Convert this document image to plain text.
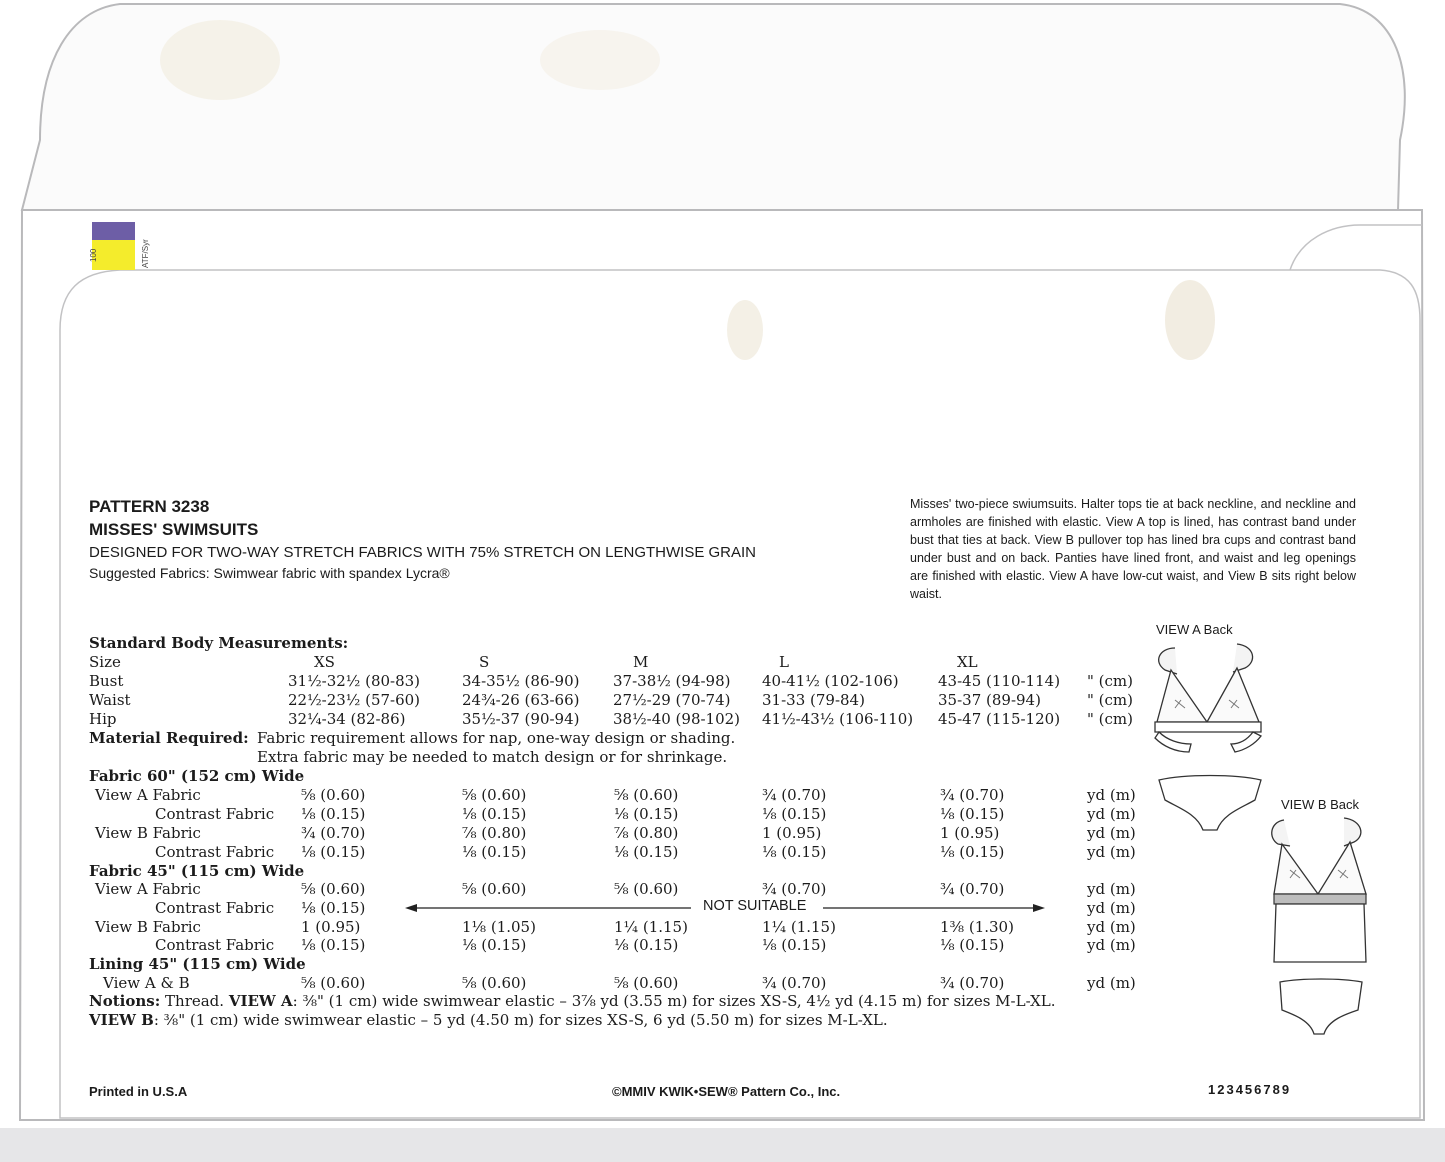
100	ATF/Syr
PATTERN 3238
MISSES' SWIMSUITS
DESIGNED FOR TWO-WAY STRETCH FABRICS WITH 75% STRETCH ON LENGTHWISE GRAIN
Suggested Fabrics: Swimwear fabric with spandex Lycra®
Misses' two-piece swiumsuits. Halter tops tie at back neckline, and neckline and armholes are finished with elastic. View A top is lined, has contrast band under bust that ties at back. View B pullover top has lined bra cups and contrast band under bust and on back. Panties have lined front, and waist and leg openings are finished with elastic. View A have low-cut waist, and View B sits right below waist.
Standard Body Measurements:
Size	XS	S	M	L	XL
Bust	31½-32½ (80-83)	34-35½ (86-90) 37-38½ (94-98) 40-41½ (102-106)	43-45 (110-114) " (cm)
Waist	22½-23½ (57-60)	24¾-26 (63-66) 27½-29 (70-74) 31-33 (79-84)	35-37 (89-94)	" (cm)
Hip	32¼-34 (82-86)	35½-37 (90-94) 38½-40 (98-102) 41½-43½ (106-110) 45-47 (115-120) " (cm)
Material Required: Fabric requirement allows for nap, one-way design or shading.
Extra fabric may be needed to match design or for shrinkage.
Fabric 60" (152 cm) Wide
View A Fabric	⅝ (0.60)	⅝ (0.60)	⅝ (0.60)	¾ (0.70)	¾ (0.70)	yd (m)
Contrast Fabric ⅛ (0.15)	⅛ (0.15)	⅛ (0.15)	⅛ (0.15)	⅛ (0.15)	yd (m)
View B Fabric	¾ (0.70)	⅞ (0.80)	⅞ (0.80)	1 (0.95)	1 (0.95)	yd (m)
Contrast Fabric ⅛ (0.15)	⅛ (0.15)	⅛ (0.15)	⅛ (0.15)	⅛ (0.15)	yd (m)
Fabric 45" (115 cm) Wide
View A Fabric	⅝ (0.60)	⅝ (0.60)	⅝ (0.60)	¾ (0.70)	¾ (0.70)	yd (m)
Contrast Fabric ⅛ (0.15)	NOT SUITABLE	yd (m)
View B Fabric	1 (0.95)	1⅛ (1.05)	1¼ (1.15)	1¼ (1.15)	1⅜ (1.30)	yd (m)
Contrast Fabric ⅛ (0.15)	⅛ (0.15)	⅛ (0.15)	⅛ (0.15)	⅛ (0.15)	yd (m)
Lining 45" (115 cm) Wide
View A & B	⅝ (0.60)	⅝ (0.60)	⅝ (0.60)	¾ (0.70)	¾ (0.70)	yd (m)
Notions: Thread. VIEW A: ⅜" (1 cm) wide swimwear elastic – 3⅞ yd (3.55 m) for sizes XS-S, 4½ yd (4.15 m) for sizes M-L-XL.
VIEW B: ⅜" (1 cm) wide swimwear elastic – 5 yd (4.50 m) for sizes XS-S, 6 yd (5.50 m) for sizes M-L-XL.
VIEW A Back
VIEW B Back
Printed in U.S.A	©MMIV KWIK•SEW® Pattern Co., Inc.	123456789
